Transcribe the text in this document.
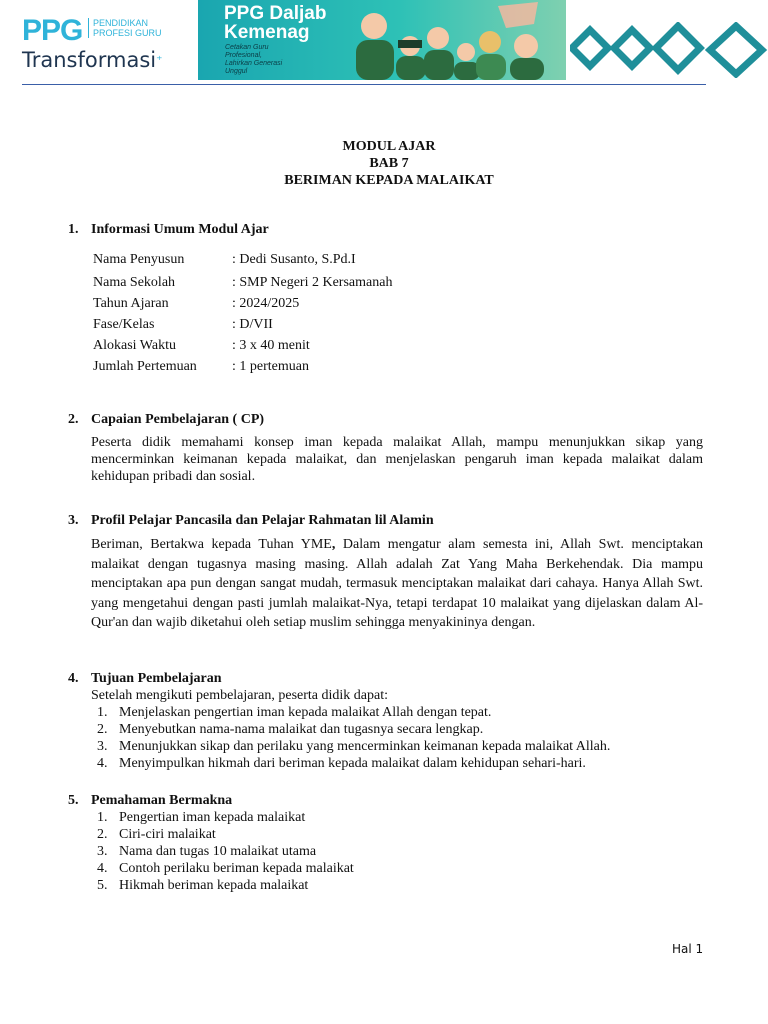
PPG PENDIDIKAN
PROFESI GURU
Transformasi⁺
PPG Daljab
Kemenag
Cetakan Guru
Profesional,
Lahirkan Generasi
Unggul
MODUL AJAR
BAB 7
BERIMAN KEPADA MALAIKAT
1. Informasi Umum Modul Ajar
Nama Penyusun	: Dedi Susanto, S.Pd.I
Nama Sekolah	: SMP Negeri 2 Kersamanah
Tahun Ajaran	: 2024/2025
Fase/Kelas	: D/VII
Alokasi Waktu	: 3 x 40 menit
Jumlah Pertemuan	: 1 pertemuan
2. Capaian Pembelajaran ( CP)
Peserta didik memahami konsep iman kepada malaikat Allah, mampu menunjukkan sikap yang mencerminkan keimanan kepada malaikat, dan menjelaskan pengaruh iman kepada malaikat dalam kehidupan pribadi dan sosial.
3. Profil Pelajar Pancasila dan Pelajar Rahmatan lil Alamin
Beriman, Bertakwa kepada Tuhan YME, Dalam mengatur alam semesta ini, Allah Swt. menciptakan malaikat dengan tugasnya masing masing. Allah adalah Zat Yang Maha Berkehendak. Dia mampu menciptakan apa pun dengan sangat mudah, termasuk menciptakan malaikat dari cahaya. Hanya Allah Swt. yang mengetahui dengan pasti jumlah malaikat-Nya, tetapi terdapat 10 malaikat yang dijelaskan dalam Al-Qur'an dan wajib diketahui oleh setiap muslim sehingga menyakininya dengan.
4. Tujuan Pembelajaran
Setelah mengikuti pembelajaran, peserta didik dapat:
1. Menjelaskan pengertian iman kepada malaikat Allah dengan tepat.
2. Menyebutkan nama-nama malaikat dan tugasnya secara lengkap.
3. Menunjukkan sikap dan perilaku yang mencerminkan keimanan kepada malaikat Allah.
4. Menyimpulkan hikmah dari beriman kepada malaikat dalam kehidupan sehari-hari.
5. Pemahaman Bermakna
1. Pengertian iman kepada malaikat
2. Ciri-ciri malaikat
3. Nama dan tugas 10 malaikat utama
4. Contoh perilaku beriman kepada malaikat
5. Hikmah beriman kepada malaikat
Hal 1
